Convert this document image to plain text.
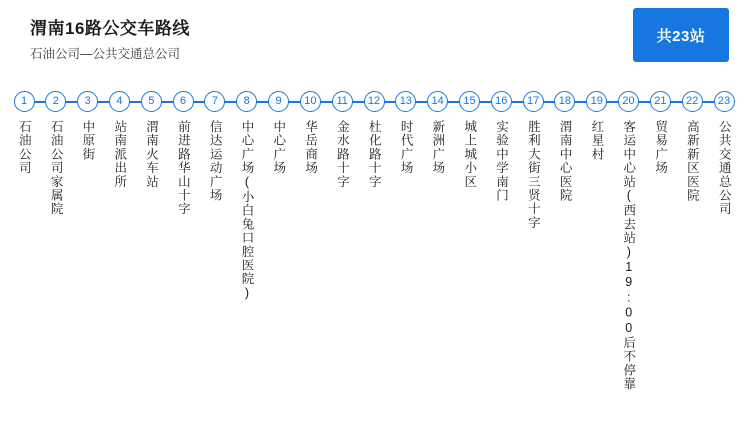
渭南16路公交车路线
石油公司—公共交通总公司
共23站
1
石油公司
2
石油公司家属院
3
中原街
4
站南派出所
5
渭南火车站
6
前进路华山十字
7
信达运动广场
8
中心广场(小白兔口腔医院)
9
中心广场
10
华岳商场
11
金水路十字
12
杜化路十字
13
时代广场
14
新洲广场
15
城上城小区
16
实验中学南门
17
胜利大街三贤十字
18
渭南中心医院
19
红星村
20
客运中心站(西去站)19:00后不停靠
21
贸易广场
22
高新新区医院
23
公共交通总公司
